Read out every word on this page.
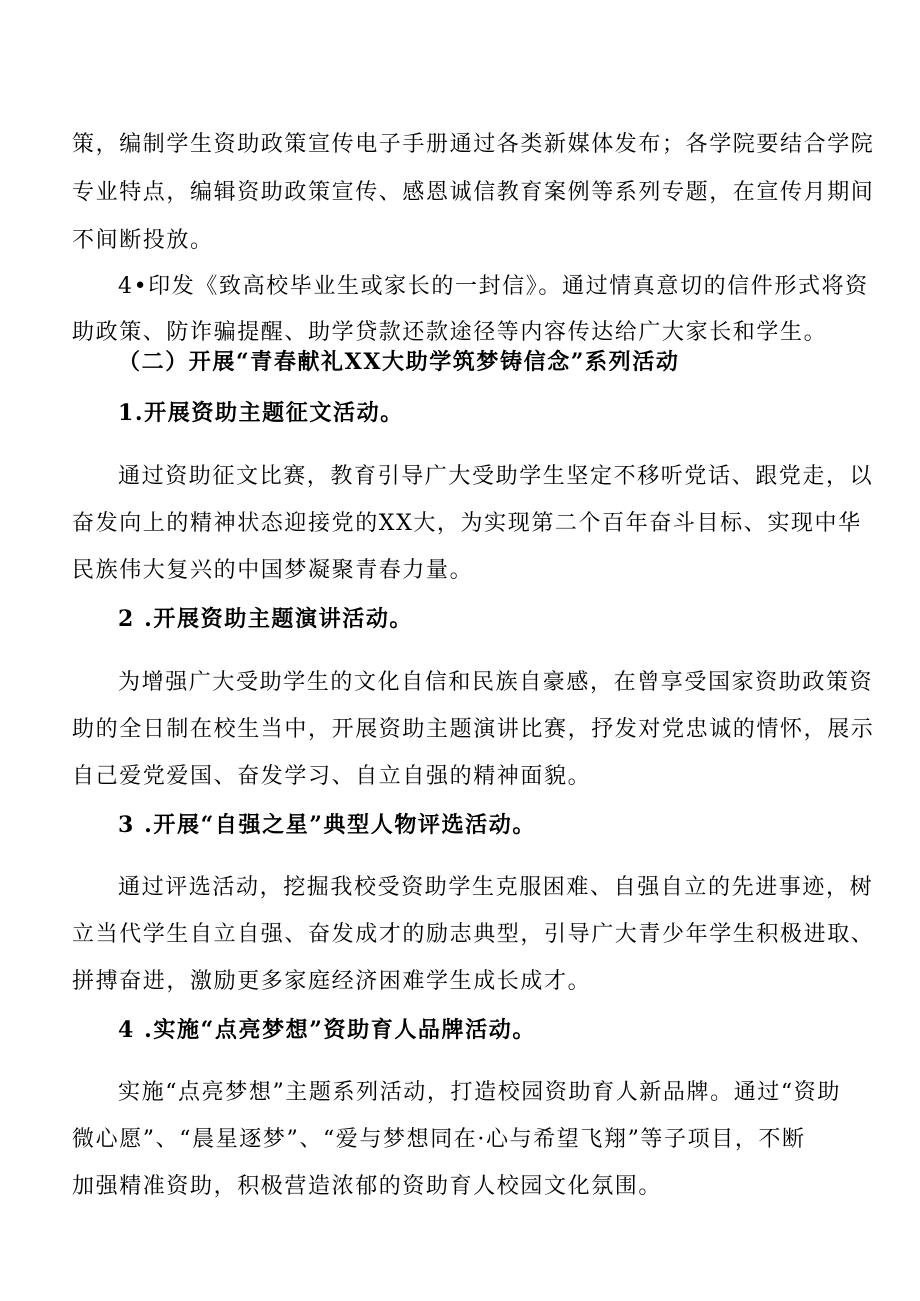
策，编制学生资助政策宣传电子手册通过各类新媒体发布；各学院要结合学院
专业特点，编辑资助政策宣传、感恩诚信教育案例等系列专题，在宣传月期间
不间断投放。
4•印发《致高校毕业生或家长的一封信》。通过情真意切的信件形式将资
助政策、防诈骗提醒、助学贷款还款途径等内容传达给广大家长和学生。
（二）开展“青春献礼XX大助学筑梦铸信念”系列活动
1.开展资助主题征文活动。
通过资助征文比赛，教育引导广大受助学生坚定不移听党话、跟党走，以
奋发向上的精神状态迎接党的XX大，为实现第二个百年奋斗目标、实现中华
民族伟大复兴的中国梦凝聚青春力量。
2 .开展资助主题演讲活动。
为增强广大受助学生的文化自信和民族自豪感，在曾享受国家资助政策资
助的全日制在校生当中，开展资助主题演讲比赛，抒发对党忠诚的情怀，展示
自己爱党爱国、奋发学习、自立自强的精神面貌。
3 .开展“自强之星”典型人物评选活动。
通过评选活动，挖掘我校受资助学生克服困难、自强自立的先进事迹，树
立当代学生自立自强、奋发成才的励志典型，引导广大青少年学生积极进取、
拼搏奋进，激励更多家庭经济困难学生成长成才。
4 .实施“点亮梦想”资助育人品牌活动。
实施“点亮梦想”主题系列活动，打造校园资助育人新品牌。通过“资助
微心愿”、“晨星逐梦”、“爱与梦想同在·心与希望飞翔”等子项目，不断
加强精准资助，积极营造浓郁的资助育人校园文化氛围。
